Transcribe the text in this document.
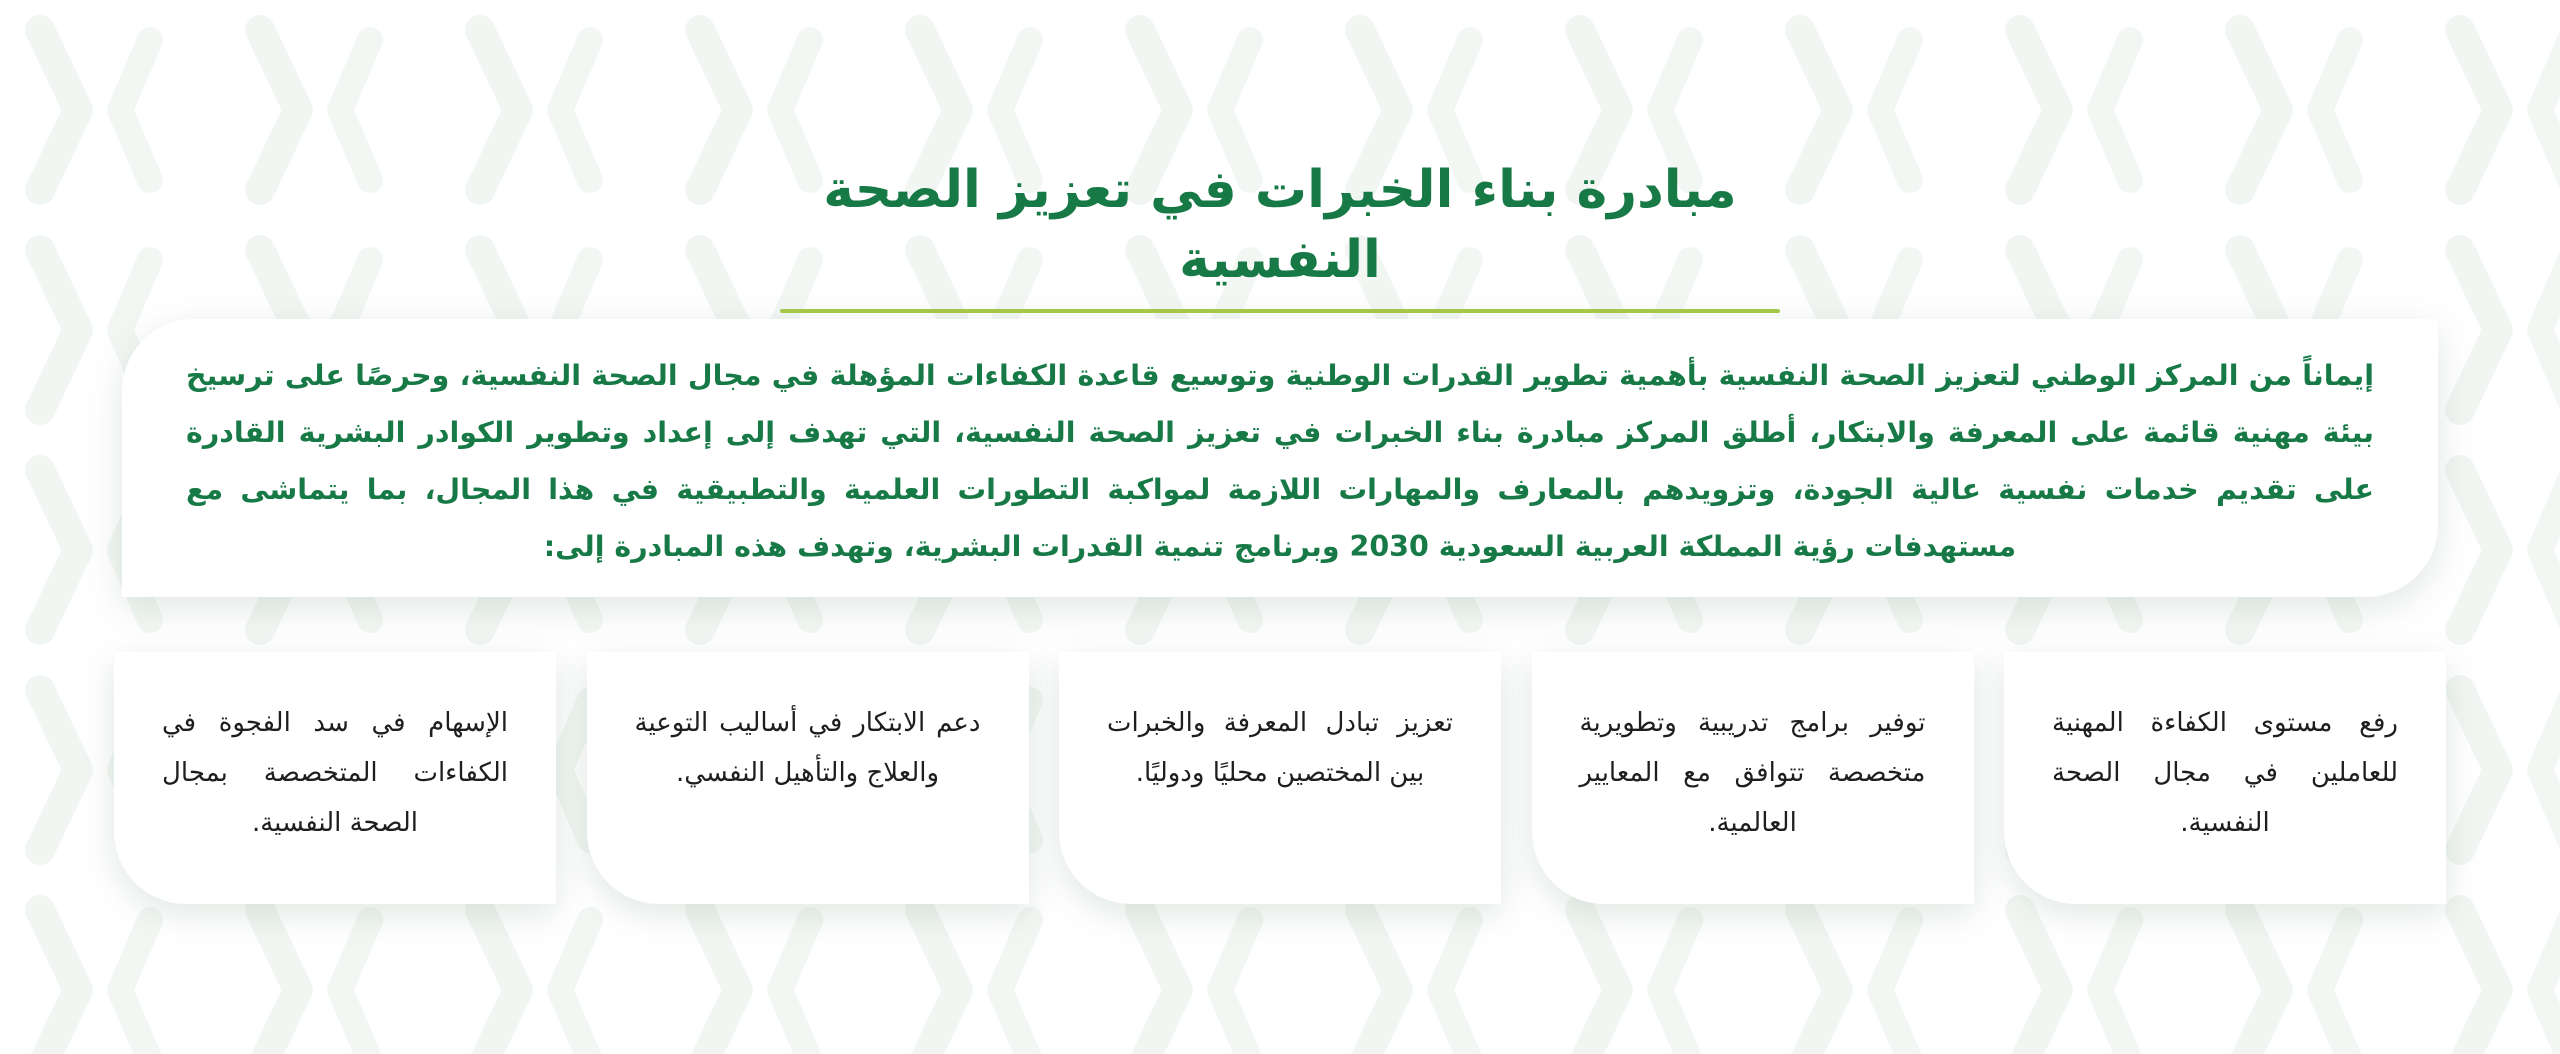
مبادرة بناء الخبرات في تعزيز الصحة النفسية

إيماناً من المركز الوطني لتعزيز الصحة النفسية بأهمية تطوير القدرات الوطنية وتوسيع قاعدة الكفاءات المؤهلة في مجال الصحة النفسية، وحرصًا على ترسيخ بيئة مهنية قائمة على المعرفة والابتكار، أطلق المركز مبادرة بناء الخبرات في تعزيز الصحة النفسية، التي تهدف إلى إعداد وتطوير الكوادر البشرية القادرة على تقديم خدمات نفسية عالية الجودة، وتزويدهم بالمعارف والمهارات اللازمة لمواكبة التطورات العلمية والتطبيقية في هذا المجال، بما يتماشى مع مستهدفات رؤية المملكة العربية السعودية 2030 وبرنامج تنمية القدرات البشرية، وتهدف هذه المبادرة إلى:

رفع مستوى الكفاءة المهنية للعاملين في مجال الصحة النفسية.

توفير برامج تدريبية وتطويرية متخصصة تتوافق مع المعايير العالمية.

تعزيز تبادل المعرفة والخبرات بين المختصين محليًا ودوليًا.

دعم الابتكار في أساليب التوعية والعلاج والتأهيل النفسي.

الإسهام في سد الفجوة في الكفاءات المتخصصة بمجال الصحة النفسية.
